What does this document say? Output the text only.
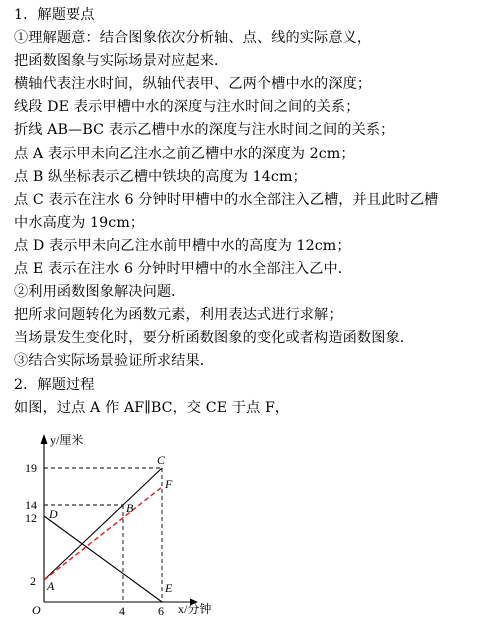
1．解题要点
①理解题意：结合图象依次分析轴、点、线的实际意义，
把函数图象与实际场景对应起来．
横轴代表注水时间，纵轴代表甲、乙两个槽中水的深度；
线段 DE 表示甲槽中水的深度与注水时间之间的关系；
折线 AB—BC 表示乙槽中水的深度与注水时间之间的关系；
点 A 表示甲未向乙注水之前乙槽中水的深度为 2cm；
点 B 纵坐标表示乙槽中铁块的高度为 14cm；
点 C 表示在注水 6 分钟时甲槽中的水全部注入乙槽，并且此时乙槽
中水高度为 19cm；
点 D 表示甲未向乙注水前甲槽中水的高度为 12cm；
点 E 表示在注水 6 分钟时甲槽中的水全部注入乙中．
②利用函数图象解决问题．
把所求问题转化为函数元素，利用表达式进行求解；
当场景发生变化时，要分析函数图象的变化或者构造函数图象．
③结合实际场景验证所求结果．
2．解题过程
如图，过点 A 作 AF∥BC，交 CE 于点 F，
y/厘米
x/分钟
O
19
14
12
2
4	6
A
B
C
D
E
F
